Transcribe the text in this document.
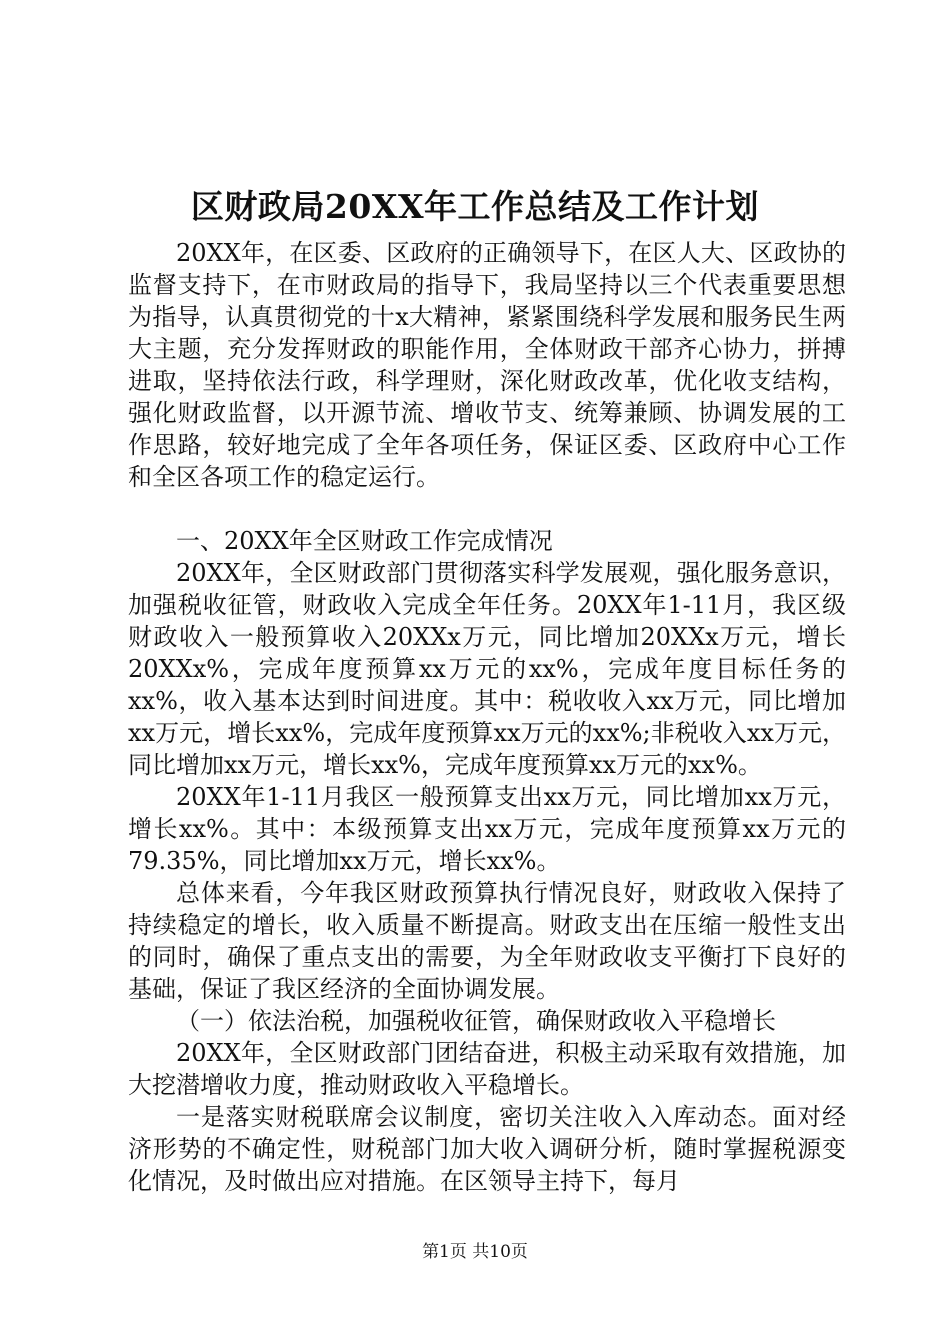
区财政局20XX年工作总结及工作计划

20XX年，在区委、区政府的正确领导下，在区人大、区政协的监督支持下，在市财政局的指导下，我局坚持以三个代表重要思想为指导，认真贯彻党的十x大精神，紧紧围绕科学发展和服务民生两大主题，充分发挥财政的职能作用，全体财政干部齐心协力，拼搏进取，坚持依法行政，科学理财，深化财政改革，优化收支结构，强化财政监督，以开源节流、增收节支、统筹兼顾、协调发展的工作思路，较好地完成了全年各项任务，保证区委、区政府中心工作和全区各项工作的稳定运行。

一、20XX年全区财政工作完成情况

20XX年，全区财政部门贯彻落实科学发展观，强化服务意识，加强税收征管，财政收入完成全年任务。20XX年1-11月，我区级财政收入一般预算收入20XXx万元，同比增加20XXx万元，增长20XXx%，完成年度预算xx万元的xx%，完成年度目标任务的xx%，收入基本达到时间进度。其中：税收收入xx万元，同比增加xx万元，增长xx%，完成年度预算xx万元的xx%;非税收入xx万元，同比增加xx万元，增长xx%，完成年度预算xx万元的xx%。

20XX年1-11月我区一般预算支出xx万元，同比增加xx万元，增长xx%。其中：本级预算支出xx万元，完成年度预算xx万元的79.35%，同比增加xx万元，增长xx%。

总体来看，今年我区财政预算执行情况良好，财政收入保持了持续稳定的增长，收入质量不断提高。财政支出在压缩一般性支出的同时，确保了重点支出的需要，为全年财政收支平衡打下良好的基础，保证了我区经济的全面协调发展。

（一）依法治税，加强税收征管，确保财政收入平稳增长

20XX年，全区财政部门团结奋进，积极主动采取有效措施，加大挖潜增收力度，推动财政收入平稳增长。

一是落实财税联席会议制度，密切关注收入入库动态。面对经济形势的不确定性，财税部门加大收入调研分析，随时掌握税源变化情况，及时做出应对措施。在区领导主持下，每月

第1页 共10页
